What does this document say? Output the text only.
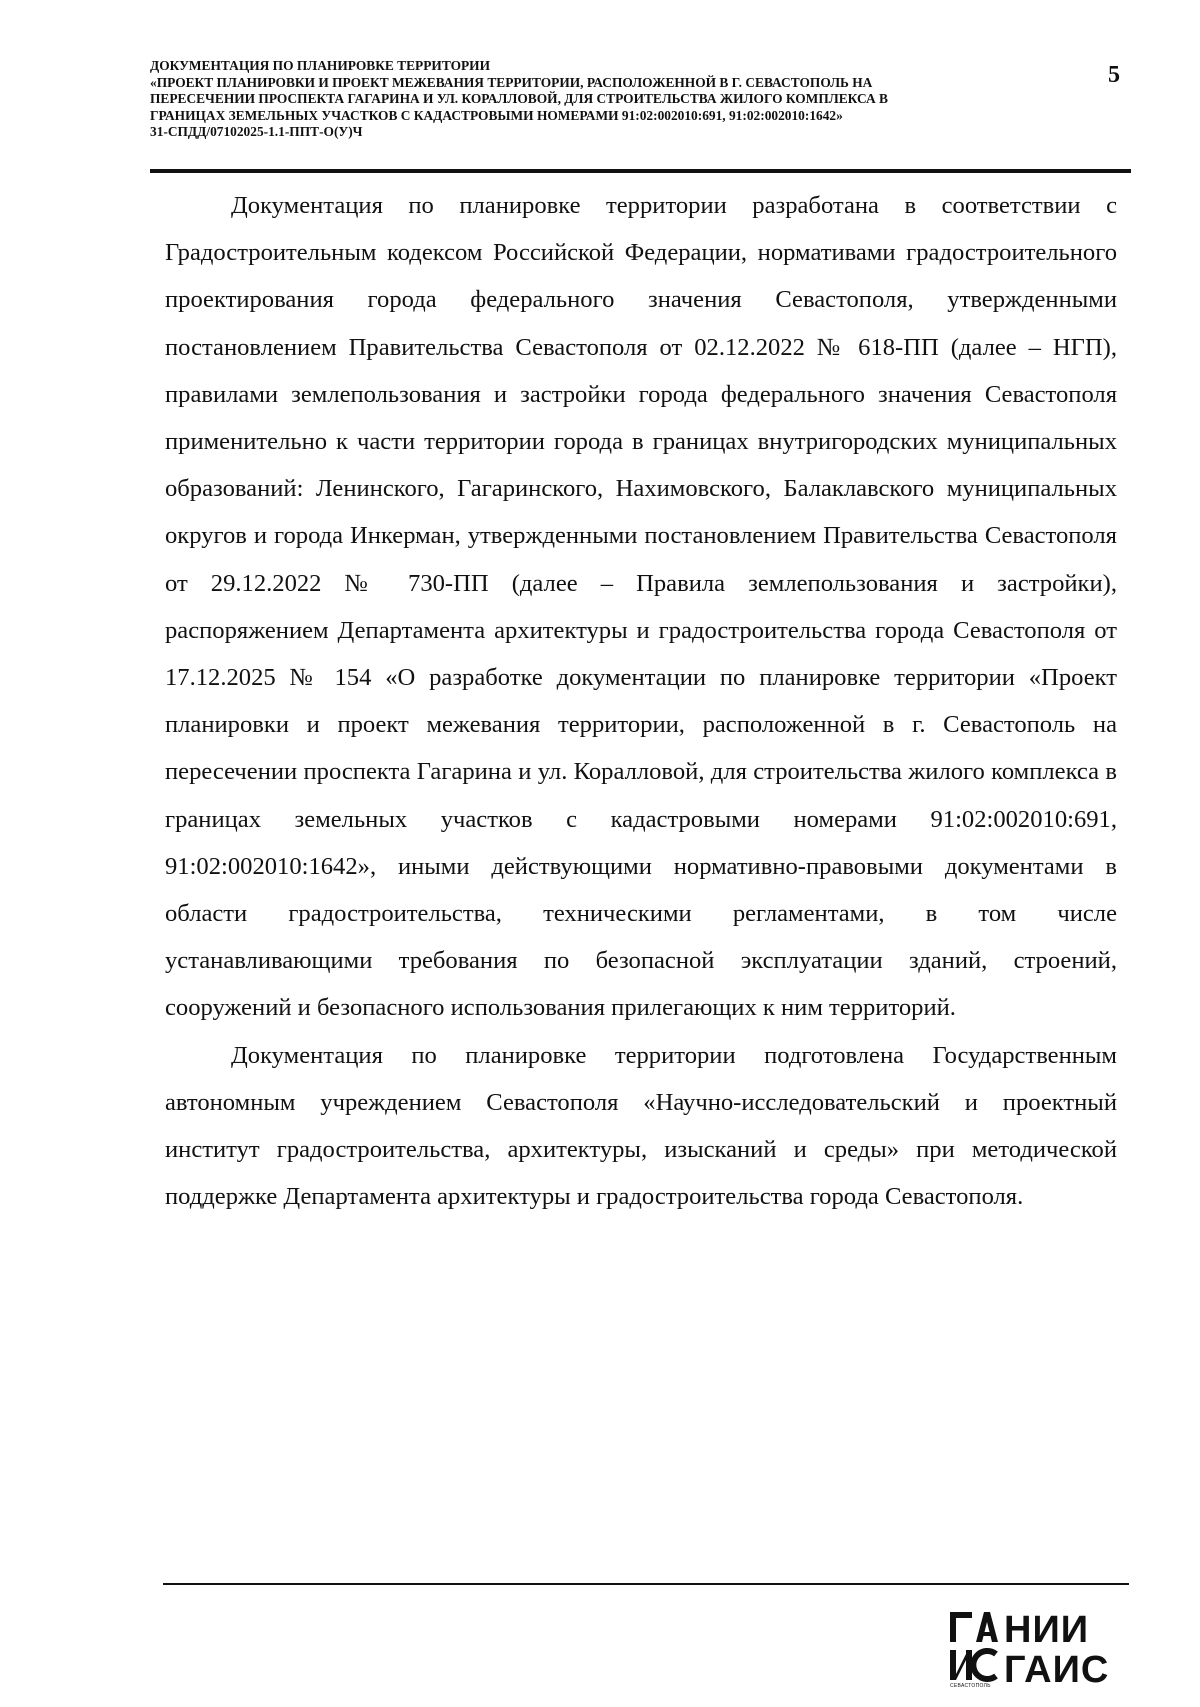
ДОКУМЕНТАЦИЯ ПО ПЛАНИРОВКЕ ТЕРРИТОРИИ
«ПРОЕКТ ПЛАНИРОВКИ И ПРОЕКТ МЕЖЕВАНИЯ ТЕРРИТОРИИ, РАСПОЛОЖЕННОЙ В Г. СЕВАСТОПОЛЬ НА
ПЕРЕСЕЧЕНИИ ПРОСПЕКТА ГАГАРИНА И УЛ. КОРАЛЛОВОЙ, ДЛЯ СТРОИТЕЛЬСТВА ЖИЛОГО КОМПЛЕКСА В
ГРАНИЦАХ ЗЕМЕЛЬНЫХ УЧАСТКОВ С КАДАСТРОВЫМИ НОМЕРАМИ 91:02:002010:691, 91:02:002010:1642»
31-СПДД/07102025-1.1-ППТ-О(У)Ч
5

Документация по планировке территории разработана в соответствии с Градостроительным кодексом Российской Федерации, нормативами градостроительного проектирования города федерального значения Севастополя, утвержденными постановлением Правительства Севастополя от 02.12.2022 № 618-ПП (далее – НГП), правилами землепользования и застройки города федерального значения Севастополя применительно к части территории города в границах внутригородских муниципальных образований: Ленинского, Гагаринского, Нахимовского, Балаклавского муниципальных округов и города Инкерман, утвержденными постановлением Правительства Севастополя от 29.12.2022 № 730-ПП (далее – Правила землепользования и застройки), распоряжением Департамента архитектуры и градостроительства города Севастополя от 17.12.2025 № 154 «О разработке документации по планировке территории «Проект планировки и проект межевания территории, расположенной в г. Севастополь на пересечении проспекта Гагарина и ул. Коралловой, для строительства жилого комплекса в границах земельных участков с кадастровыми номерами 91:02:002010:691, 91:02:002010:1642», иными действующими нормативно-правовыми документами в области градостроительства, техническими регламентами, в том числе устанавливающими требования по безопасной эксплуатации зданий, строений, сооружений и безопасного использования прилегающих к ним территорий.

Документация по планировке территории подготовлена Государственным автономным учреждением Севастополя «Научно-исследовательский и проектный институт градостроительства, архитектуры, изысканий и среды» при методической поддержке Департамента архитектуры и градостроительства города Севастополя.

НИИ
ГАИС
СЕВАСТОПОЛЬ
